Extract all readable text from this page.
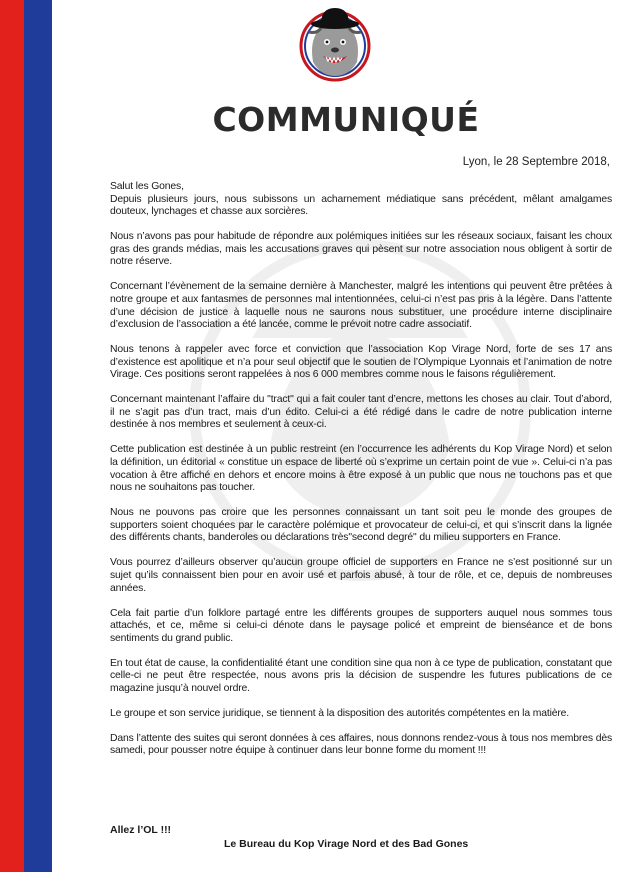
COMMUNIQUÉ
Lyon, le 28 Septembre 2018,

Salut les Gones,

Depuis plusieurs jours, nous subissons un acharnement médiatique sans précédent, mêlant amalgames douteux, lynchages et chasse aux sorcières.

Nous n’avons pas pour habitude de répondre aux polémiques initiées sur les réseaux sociaux, faisant les choux gras des grands médias, mais les accusations graves qui pèsent sur notre association nous obligent à sortir de notre réserve.

Concernant l’évènement de la semaine dernière à Manchester, malgré les intentions qui peuvent être prêtées à notre groupe et aux fantasmes de personnes mal intentionnées, celui-ci n’est pas pris à la légère. Dans l’attente d’une décision de justice à laquelle nous ne saurons nous substituer, une procédure interne disciplinaire d’exclusion de l’association a été lancée, comme le prévoit notre cadre associatif.

Nous tenons à rappeler avec force et conviction que l’association Kop Virage Nord, forte de ses 17 ans d’existence est apolitique et n’a pour seul objectif que le soutien de l’Olympique Lyonnais et l’animation de notre Virage. Ces positions seront rappelées à nos 6 000 membres comme nous le faisons régulièrement.

Concernant maintenant l’affaire du "tract" qui a fait couler tant d’encre, mettons les choses au clair. Tout d’abord, il ne s’agit pas d’un tract, mais d’un édito. Celui-ci a été rédigé dans le cadre de notre publication interne destinée à nos membres et seulement à ceux-ci.

Cette publication est destinée à un public restreint (en l’occurrence les adhérents du Kop Virage Nord) et selon la définition, un éditorial « constitue un espace de liberté où s’exprime un certain point de vue ». Celui-ci n’a pas vocation à être affiché en dehors et encore moins à être exposé à un public que nous ne touchons pas et que nous ne souhaitons pas toucher.

Nous ne pouvons pas croire que les personnes connaissant un tant soit peu le monde des groupes de supporters soient choquées par le caractère polémique et provocateur de celui-ci, et qui s’inscrit dans la lignée des différents chants, banderoles ou déclarations très"second degré" du milieu supporters en France.

Vous pourrez d’ailleurs observer qu’aucun groupe officiel de supporters en France ne s’est positionné sur un sujet qu’ils connaissent bien pour en avoir usé et parfois abusé, à tour de rôle, et ce, depuis de nombreuses années.

Cela fait partie d’un folklore partagé entre les différents groupes de supporters auquel nous sommes tous attachés, et ce, même si celui-ci dénote dans le paysage policé et empreint de bienséance et de bons sentiments du grand public.

En tout état de cause, la confidentialité étant une condition sine qua non à ce type de publication, constatant que celle-ci ne peut être respectée, nous avons pris la décision de suspendre les futures publications de ce magazine jusqu’à nouvel ordre.

Le groupe et son service juridique, se tiennent à la disposition des autorités compétentes en la matière.

Dans l’attente des suites qui seront données à ces affaires, nous donnons rendez-vous à tous nos membres dès samedi, pour pousser notre équipe à continuer dans leur bonne forme du moment !!!

Allez l’OL !!!
Le Bureau du Kop Virage Nord et des Bad Gones
